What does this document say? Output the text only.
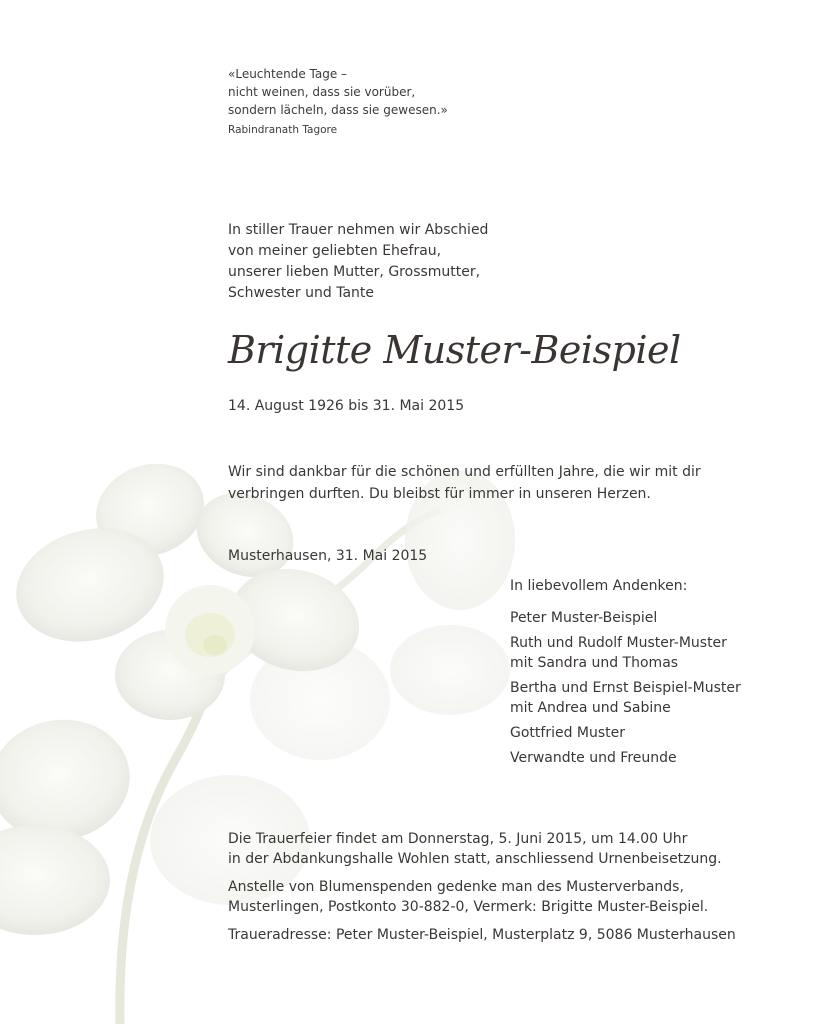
«Leuchtende Tage –
nicht weinen, dass sie vorüber,
sondern lächeln, dass sie gewesen.»
Rabindranath Tagore
In stiller Trauer nehmen wir Abschied
von meiner geliebten Ehefrau,
unserer lieben Mutter, Grossmutter,
Schwester und Tante
Brigitte Muster-Beispiel
14. August 1926 bis 31. Mai 2015
Wir sind dankbar für die schönen und erfüllten Jahre, die wir mit dir
verbringen durften. Du bleibst für immer in unseren Herzen.
Musterhausen, 31. Mai 2015
In liebevollem Andenken:
Peter Muster-Beispiel
Ruth und Rudolf Muster-Muster
mit Sandra und Thomas
Bertha und Ernst Beispiel-Muster
mit Andrea und Sabine
Gottfried Muster
Verwandte und Freunde

Die Trauerfeier findet am Donnerstag, 5. Juni 2015, um 14.00 Uhr
in der Abdankungshalle Wohlen statt, anschliessend Urnenbeisetzung.

Anstelle von Blumenspenden gedenke man des Musterverbands,
Musterlingen, Postkonto 30-882-0, Vermerk: Brigitte Muster-Beispiel.

Traueradresse: Peter Muster-Beispiel, Musterplatz 9, 5086 Musterhausen
